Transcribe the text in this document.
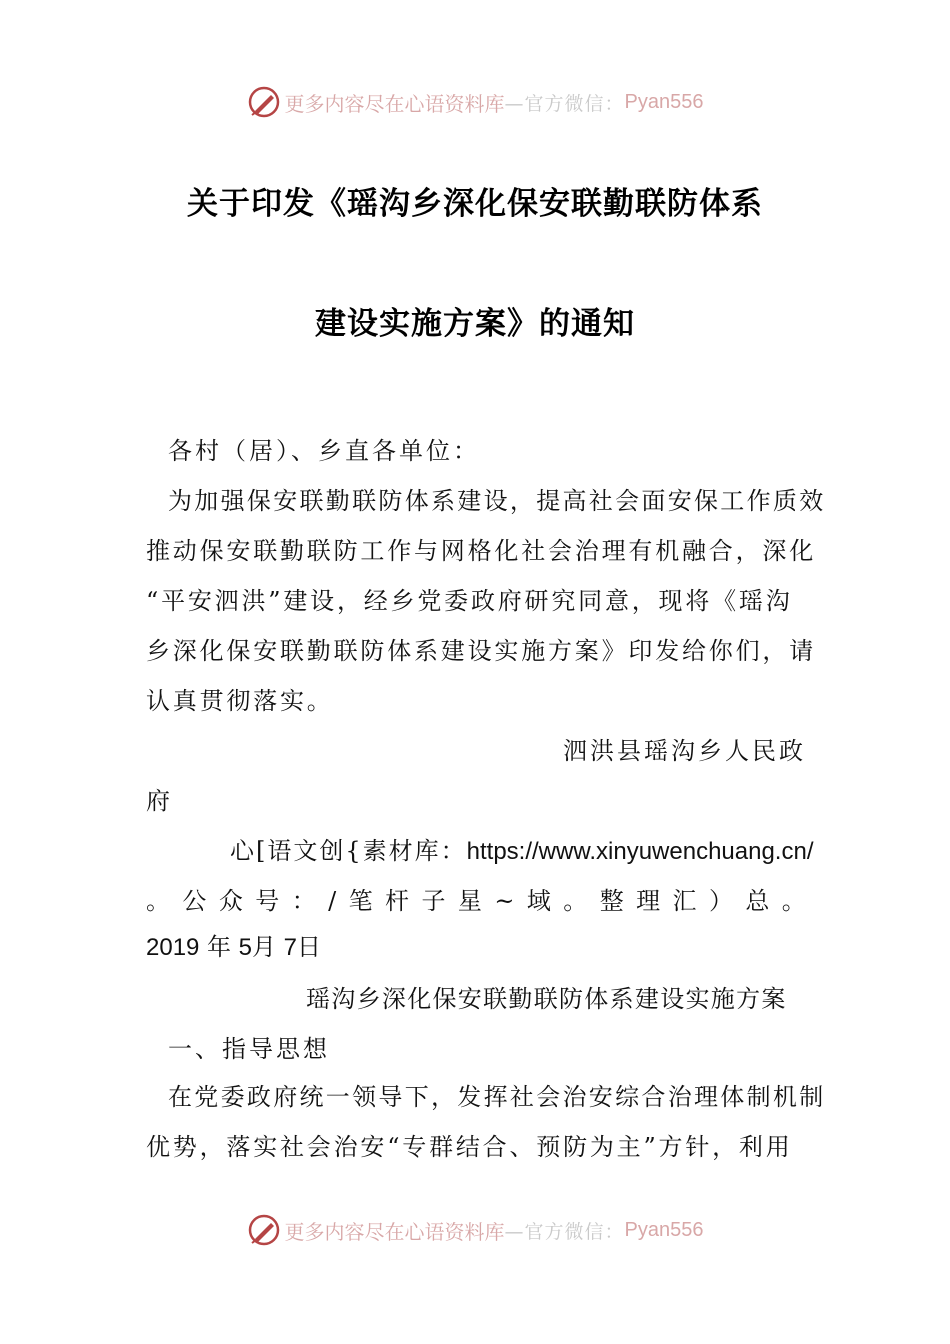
更多内容尽在心语资料库 —官方微信： Pyan556
关于印发《瑶沟乡深化保安联勤联防体系
建设实施方案》的通知
各村（居）、乡直各单位：
为加强保安联勤联防体系建设，提高社会面安保工作质效
推动保安联勤联防工作与网格化社会治理有机融合，深化
“平安泗洪”建设，经乡党委政府研究同意，现将《瑶沟
乡深化保安联勤联防体系建设实施方案》印发给你们，请
认真贯彻落实。
泗洪县瑶沟乡人民政
府
心[语文创{素材库：https://www.xinyuwenchuang.cn/
。 公 众 号 ： / 笔 杆 子 星 ~ 域 。 整 理 汇 ） 总 。
2019 年 5月 7日
瑶沟乡深化保安联勤联防体系建设实施方案
一、指导思想
在党委政府统一领导下，发挥社会治安综合治理体制机制
优势，落实社会治安“专群结合、预防为主”方针，利用
更多内容尽在心语资料库 —官方微信： Pyan556
